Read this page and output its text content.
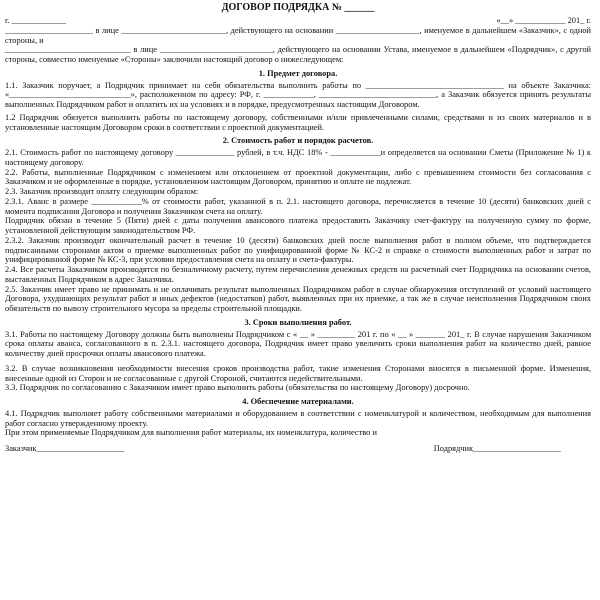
ДОГОВОР ПОДРЯДКА № ______
г. _____________	«__» ____________ 201_ г.

_____________________ в лице _________________________, действующего на основании ____________________, именуемое в дальнейшем «Заказчик», с одной стороны, и

______________________________ в лице ___________________________, действующего на основании Устава, именуемое в дальнейшем «Подрядчик», с другой стороны, совместно именуемые «Стороны» заключили настоящий договор о нижеследующем:

1. Предмет договора.

1.1. Заказчик поручает, а Подрядчик принимает на себя обязательства выполнить работы по _________________________________ на объекте Заказчика: «_____________________________», расположенном по адресу: РФ, г. ____________, ____________________________, а Заказчик обязуется принять результаты выполненных Подрядчиком работ и оплатить их на условиях и в порядке, предусмотренных настоящим Договором.

1.2 Подрядчик обязуется выполнить работы по настоящему договору, собственными и/или привлеченными силами, средствами и из своих материалов и в установленные настоящим Договором сроки в соответствии с проектной документацией.

2. Стоимость работ и порядок расчетов.

2.1. Стоимость работ по настоящему договору ______________ рублей, в т.ч. НДС 18% - ____________и определяется на основании Сметы (Приложение № 1) к настоящему договору.

2.2. Работы, выполненные Подрядчиком с изменением или отклонением от проектной документации, либо с превышением стоимости без согласования с Заказчиком и не оформленные в порядке, установленном настоящим Договором, принятию и оплате не подлежат.

2.3. Заказчик производит оплату следующим образом:

2.3.1. Аванс в размере ____________% от стоимости работ, указанной в п. 2.1. настоящего договора, перечисляется в течение 10 (десяти) банковских дней с момента подписания Договора и получения Заказчиком счета на оплату.

Подрядчик обязан в течение 5 (Пяти) дней с даты получения авансового платежа предоставить Заказчику счет-фактуру на полученную сумму по форме, установленной действующим законодательством РФ.

2.3.2. Заказчик производит окончательный расчет в течение 10 (десяти) банковских дней после выполнения работ в полном объеме, что подтверждается подписанными сторонами актом о приемке выполненных работ по унифицированной форме № КС-2 и справке о стоимости выполненных работ и затрат по унифицированной форме № КС-3, при условии предоставления счета на оплату и счета-фактуры.

2.4. Все расчеты Заказчиком производятся по безналичному расчету, путем перечисления денежных средств на расчетный счет Подрядчика на основании счетов, выставленных Подрядчиком в адрес Заказчика.

2.5. Заказчик имеет право не принимать и не оплачивать результат выполненных Подрядчиком работ в случае обнаружения отступлений от условий настоящего Договора, ухудшающих результат работ и иных дефектов (недостатков) работ, выявленных при их приемке, а так же в случае неисполнения Подрядчиком своих обязательств по вывозу строительного мусора за пределы строительной площадки.

3. Сроки выполнения работ.

3.1. Работы по настоящему Договору должны быть выполнены Подрядчиком с « __ » _________ 201 г. по « __ » _______ 201_ г. В случае нарушения Заказчиком срока оплаты аванса, согласованного в п. 2.3.1. настоящего договора, Подрядчик имеет право увеличить сроки выполнения работ на количество дней, равное количеству дней просрочки оплаты авансового платежа.

3.2. В случае возникновения необходимости внесения сроков производства работ, такие изменения Сторонами вносятся в письменной форме. Изменения, внесенные одной из Сторон и не согласованные с другой Стороной, считаются недействительными.

3.3. Подрядчик по согласованию с Заказчиком имеет право выполнить работы (обязательства по настоящему Договору) досрочно.

4. Обеспечение материалами.

4.1. Подрядчик выполняет работу собственными материалами и оборудованием в соответствии с номенклатурой и количеством, необходимым для выполнения работ согласно утвержденному проекту.

При этом применяемые Подрядчиком для выполнения работ материалы, их номенклатура, количество и

Заказчик_____________________	Подрядчик_____________________
